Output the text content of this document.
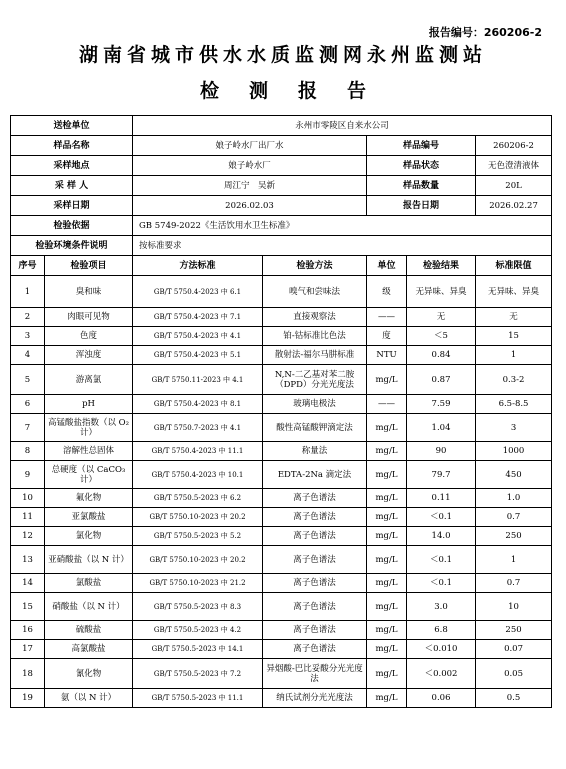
报告编号：260206-2
湖南省城市供水水质监测网永州监测站
检测报告
送检单位		永州市零陵区自来水公司				
样品名称		娘子岭水厂出厂水		样品编号		260206-2
采样地点		娘子岭水厂		样品状态		无色澄清液体
采 样 人		周江宁　吴新		样品数量		20L
采样日期		2026.02.03		报告日期		2026.02.27
检验依据		GB 5749-2022《生活饮用水卫生标准》				
检验环境条件说明		按标准要求				
序号	检验项目	方法标准	检验方法	单位	检验结果	标准限值
1	臭和味	GB/T 5750.4-2023 中 6.1	嗅气和尝味法	级	无异味、异臭	无异味、异臭
2	肉眼可见物	GB/T 5750.4-2023 中 7.1	直接观察法	——	无	无
3	色度	GB/T 5750.4-2023 中 4.1	铂-钴标准比色法	度	＜5	15
4	浑浊度	GB/T 5750.4-2023 中 5.1	散射法-福尔马肼标准	NTU	0.84	1
5	游离氯	GB/T 5750.11-2023 中 4.1	N,N-二乙基对苯二胺（DPD）分光光度法	mg/L	0.87	0.3-2
6	pH	GB/T 5750.4-2023 中 8.1	玻璃电极法	——	7.59	6.5-8.5
7	高锰酸盐指数（以 O₂计）	GB/T 5750.7-2023 中 4.1	酸性高锰酸钾滴定法	mg/L	1.04	3
8	溶解性总固体	GB/T 5750.4-2023 中 11.1	称量法	mg/L	90	1000
9	总硬度（以 CaCO₃计）	GB/T 5750.4-2023 中 10.1	EDTA-2Na 滴定法	mg/L	79.7	450
10	氟化物	GB/T 5750.5-2023 中 6.2	离子色谱法	mg/L	0.11	1.0
11	亚氯酸盐	GB/T 5750.10-2023 中 20.2	离子色谱法	mg/L	＜0.1	0.7
12	氯化物	GB/T 5750.5-2023 中 5.2	离子色谱法	mg/L	14.0	250
13	亚硝酸盐（以 N 计）	GB/T 5750.10-2023 中 20.2	离子色谱法	mg/L	＜0.1	1
14	氯酸盐	GB/T 5750.10-2023 中 21.2	离子色谱法	mg/L	＜0.1	0.7
15	硝酸盐（以 N 计）	GB/T 5750.5-2023 中 8.3	离子色谱法	mg/L	3.0	10
16	硫酸盐	GB/T 5750.5-2023 中 4.2	离子色谱法	mg/L	6.8	250
17	高氯酸盐	GB/T 5750.5-2023 中 14.1	离子色谱法	mg/L	＜0.010	0.07
18	氰化物	GB/T 5750.5-2023 中 7.2	异烟酸-巴比妥酸分光光度法	mg/L	＜0.002	0.05
19	氨（以 N 计）	GB/T 5750.5-2023 中 11.1	纳氏试剂分光光度法	mg/L	0.06	0.5
